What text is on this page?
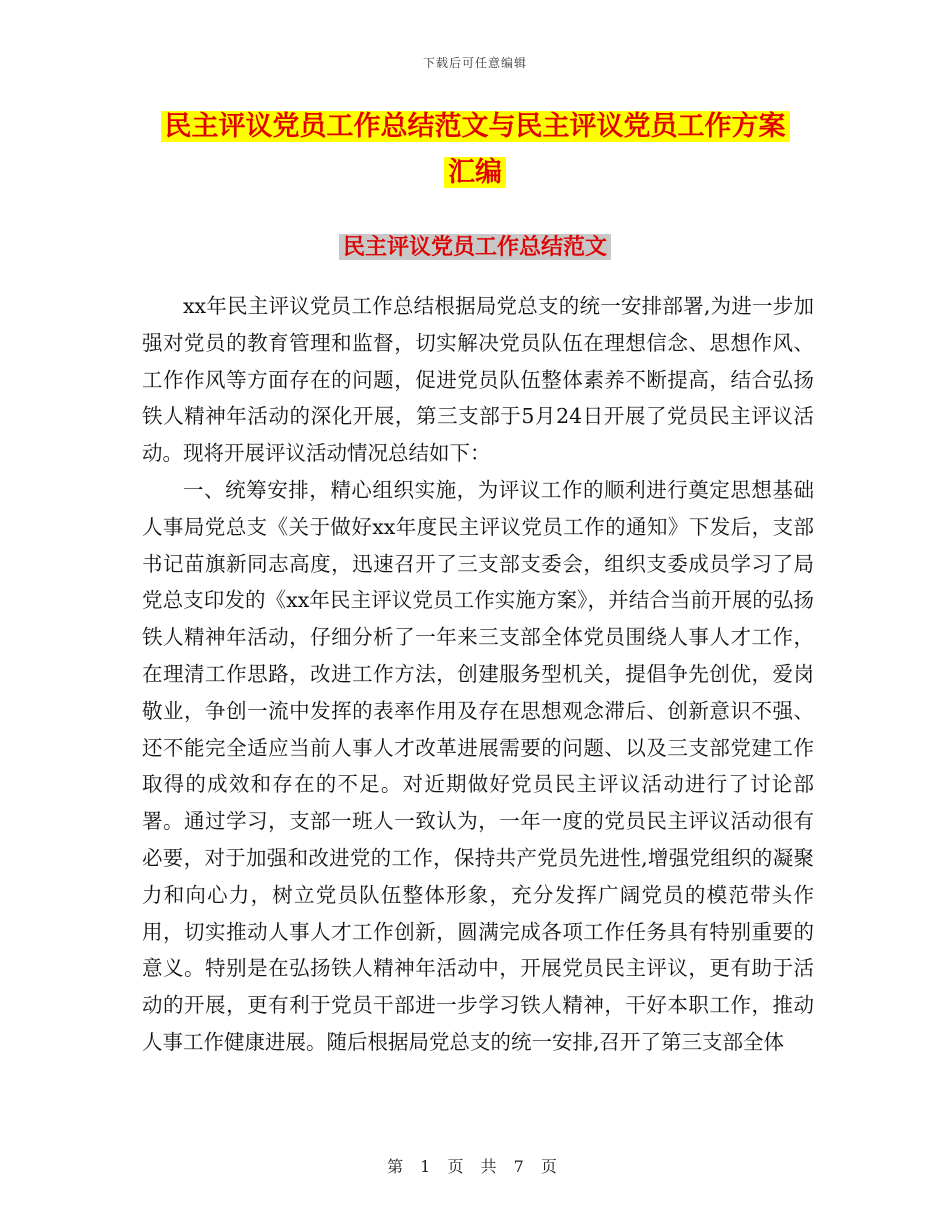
下载后可任意编辑
民主评议党员工作总结范文与民主评议党员工作方案
汇编
民主评议党员工作总结范文

xx年民主评议党员工作总结根据局党总支的统一安排部署,为进一步加强对党员的教育管理和监督，切实解决党员队伍在理想信念、思想作风、工作作风等方面存在的问题，促进党员队伍整体素养不断提高，结合弘扬铁人精神年活动的深化开展，第三支部于5月24日开展了党员民主评议活动。现将开展评议活动情况总结如下：

一、统筹安排，精心组织实施，为评议工作的顺利进行奠定思想基础人事局党总支《关于做好xx年度民主评议党员工作的通知》下发后，支部书记苗旗新同志高度，迅速召开了三支部支委会，组织支委成员学习了局党总支印发的《xx年民主评议党员工作实施方案》，并结合当前开展的弘扬铁人精神年活动，仔细分析了一年来三支部全体党员围绕人事人才工作，在理清工作思路，改进工作方法，创建服务型机关，提倡争先创优，爱岗敬业，争创一流中发挥的表率作用及存在思想观念滞后、创新意识不强、还不能完全适应当前人事人才改革进展需要的问题、以及三支部党建工作取得的成效和存在的不足。对近期做好党员民主评议活动进行了讨论部署。通过学习，支部一班人一致认为，一年一度的党员民主评议活动很有必要，对于加强和改进党的工作，保持共产党员先进性,增强党组织的凝聚力和向心力，树立党员队伍整体形象，充分发挥广阔党员的模范带头作用，切实推动人事人才工作创新，圆满完成各项工作任务具有特别重要的意义。特别是在弘扬铁人精神年活动中，开展党员民主评议，更有助于活动的开展，更有利于党员干部进一步学习铁人精神，干好本职工作，推动人事工作健康进展。随后根据局党总支的统一安排,召开了第三支部全体

第 1 页 共 7 页
